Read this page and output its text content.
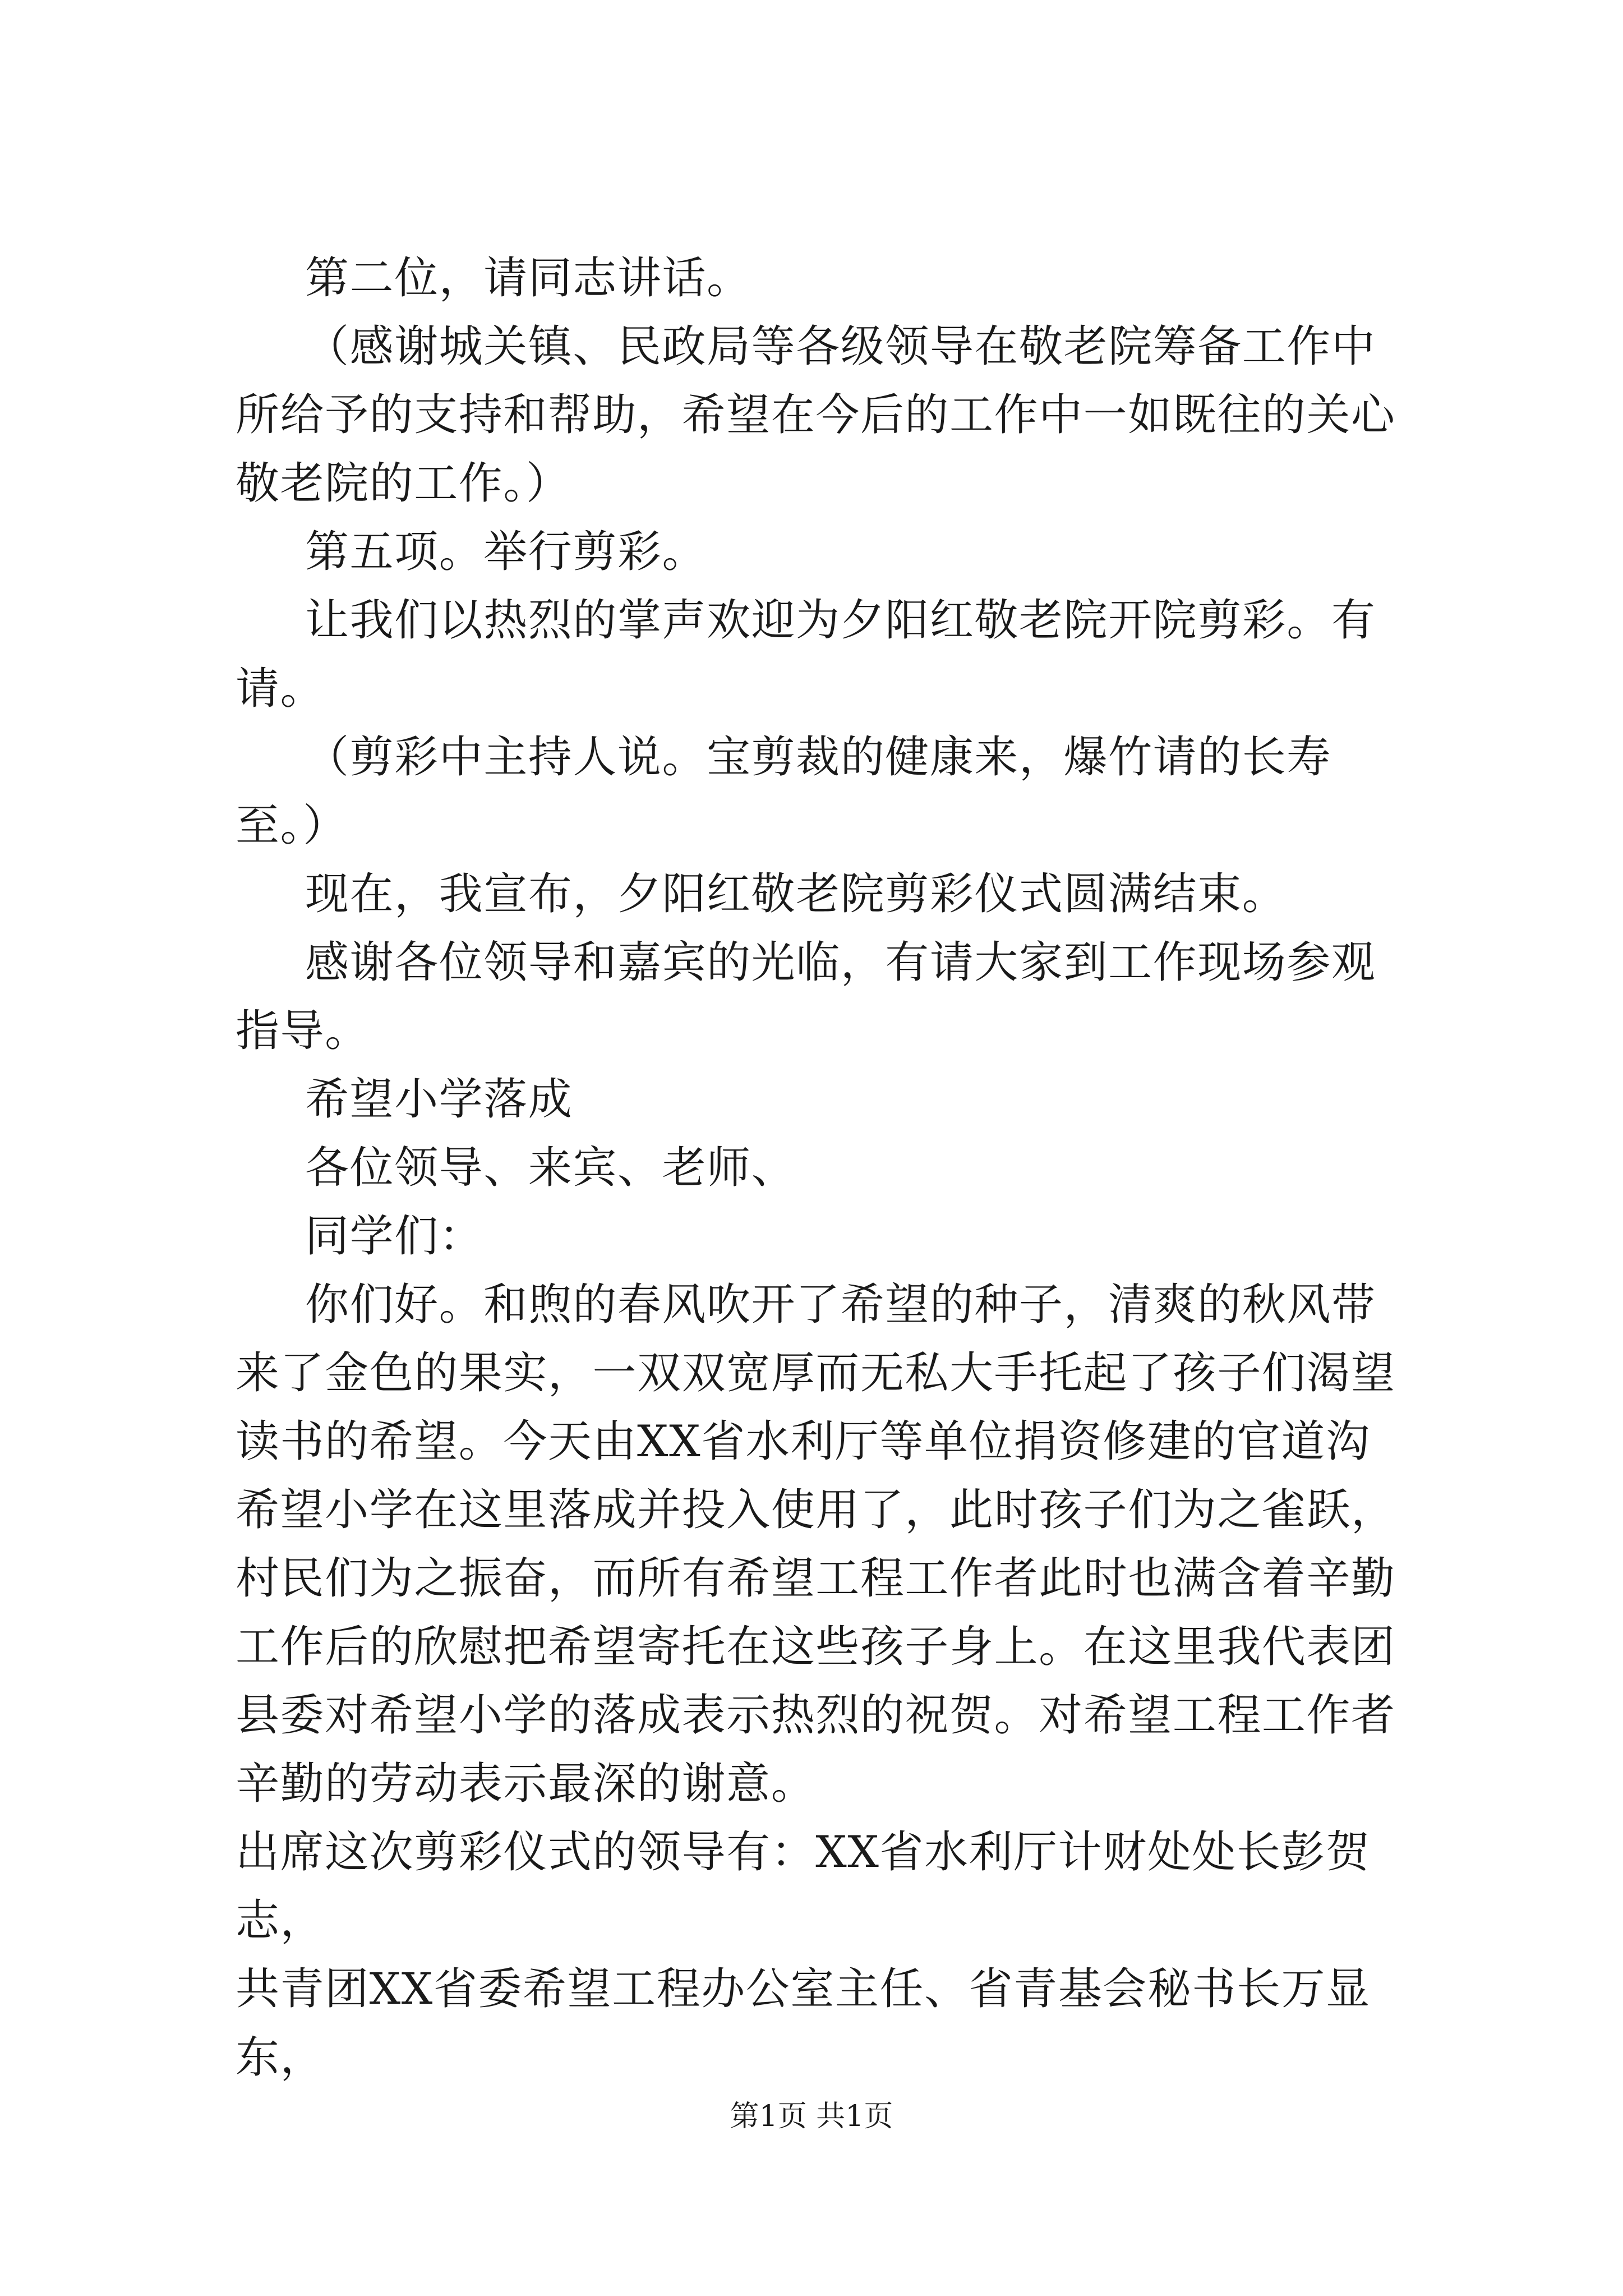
第二位，请同志讲话。

（感谢城关镇、民政局等各级领导在敬老院筹备工作中所给予的支持和帮助，希望在今后的工作中一如既往的关心敬老院的工作。）

第五项。举行剪彩。

让我们以热烈的掌声欢迎为夕阳红敬老院开院剪彩。有请。

（剪彩中主持人说。宝剪裁的健康来，爆竹请的长寿至。）

现在，我宣布，夕阳红敬老院剪彩仪式圆满结束。

感谢各位领导和嘉宾的光临，有请大家到工作现场参观指导。

希望小学落成

各位领导、来宾、老师、

同学们：

你们好。和煦的春风吹开了希望的种子，清爽的秋风带来了金色的果实，一双双宽厚而无私大手托起了孩子们渴望读书的希望。今天由XX省水利厅等单位捐资修建的官道沟希望小学在这里落成并投入使用了，此时孩子们为之雀跃，村民们为之振奋，而所有希望工程工作者此时也满含着辛勤工作后的欣慰把希望寄托在这些孩子身上。在这里我代表团县委对希望小学的落成表示热烈的祝贺。对希望工程工作者辛勤的劳动表示最深的谢意。

出席这次剪彩仪式的领导有：XX省水利厅计财处处长彭贺志，

共青团XX省委希望工程办公室主任、省青基会秘书长万显东，

第1页 共1页
